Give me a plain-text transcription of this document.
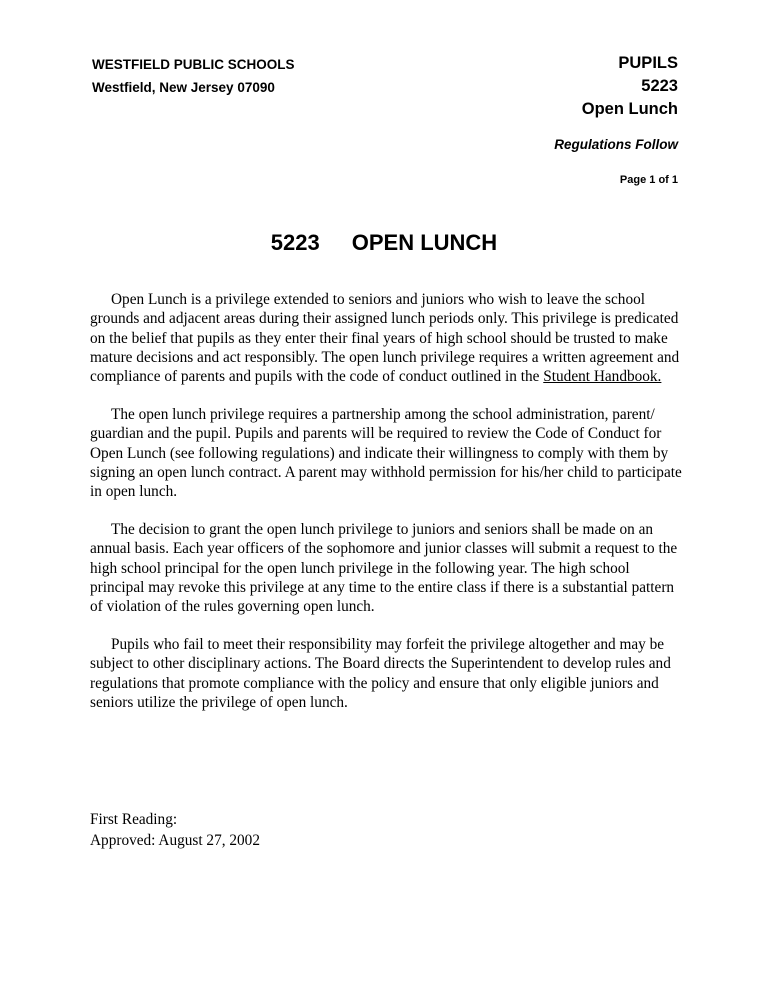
WESTFIELD PUBLIC SCHOOLS
Westfield, New Jersey 07090
PUPILS
5223
Open Lunch
Regulations Follow
Page 1 of 1
5223 OPEN LUNCH
Open Lunch is a privilege extended to seniors and juniors who wish to leave the school
grounds and adjacent areas during their assigned lunch periods only. This privilege is predicated
on the belief that pupils as they enter their final years of high school should be trusted to make
mature decisions and act responsibly. The open lunch privilege requires a written agreement and
compliance of parents and pupils with the code of conduct outlined in the Student Handbook.
The open lunch privilege requires a partnership among the school administration, parent/
guardian and the pupil. Pupils and parents will be required to review the Code of Conduct for
Open Lunch (see following regulations) and indicate their willingness to comply with them by
signing an open lunch contract. A parent may withhold permission for his/her child to participate
in open lunch.
The decision to grant the open lunch privilege to juniors and seniors shall be made on an
annual basis. Each year officers of the sophomore and junior classes will submit a request to the
high school principal for the open lunch privilege in the following year. The high school
principal may revoke this privilege at any time to the entire class if there is a substantial pattern
of violation of the rules governing open lunch.
Pupils who fail to meet their responsibility may forfeit the privilege altogether and may be
subject to other disciplinary actions. The Board directs the Superintendent to develop rules and
regulations that promote compliance with the policy and ensure that only eligible juniors and
seniors utilize the privilege of open lunch.
First Reading:
Approved: August 27, 2002
